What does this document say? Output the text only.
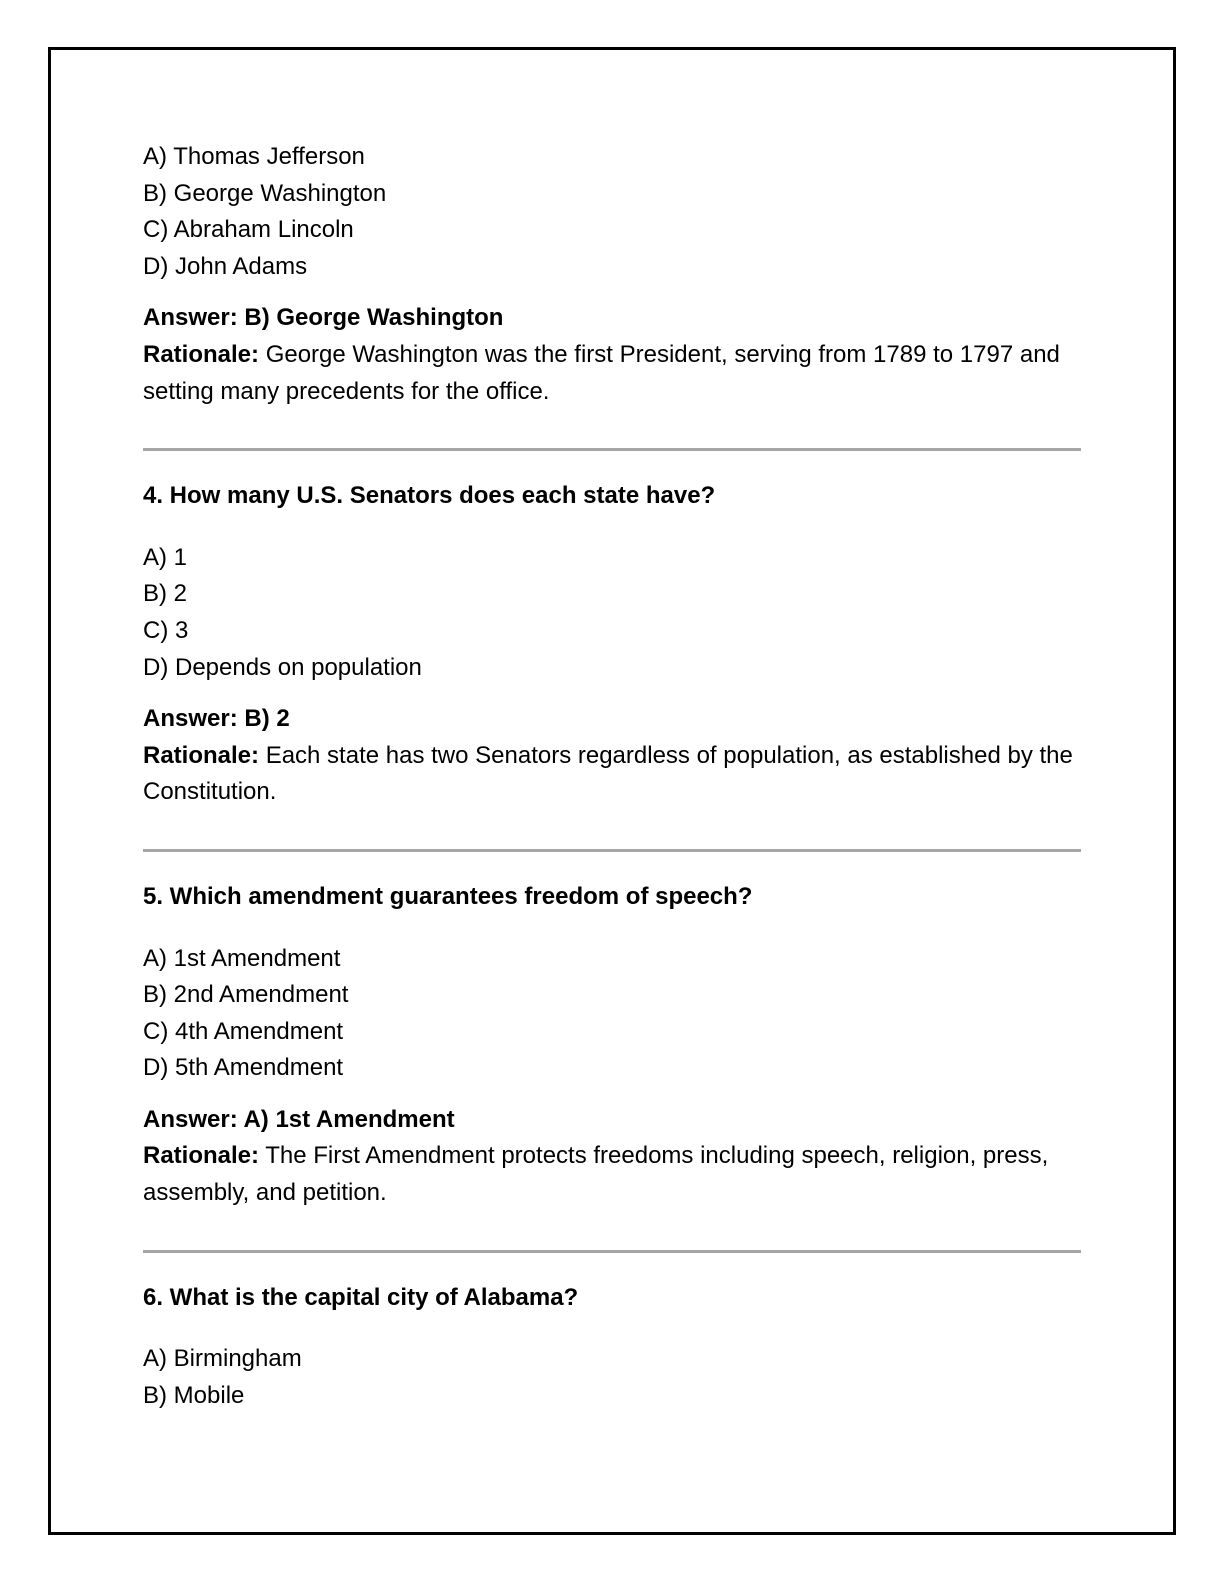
A) Thomas Jefferson
B) George Washington
C) Abraham Lincoln
D) John Adams

Answer: B) George Washington
Rationale: George Washington was the first President, serving from 1789 to 1797 and setting many precedents for the office.

4. How many U.S. Senators does each state have?

A) 1
B) 2
C) 3
D) Depends on population

Answer: B) 2
Rationale: Each state has two Senators regardless of population, as established by the Constitution.

5. Which amendment guarantees freedom of speech?

A) 1st Amendment
B) 2nd Amendment
C) 4th Amendment
D) 5th Amendment

Answer: A) 1st Amendment
Rationale: The First Amendment protects freedoms including speech, religion, press, assembly, and petition.

6. What is the capital city of Alabama?

A) Birmingham
B) Mobile
